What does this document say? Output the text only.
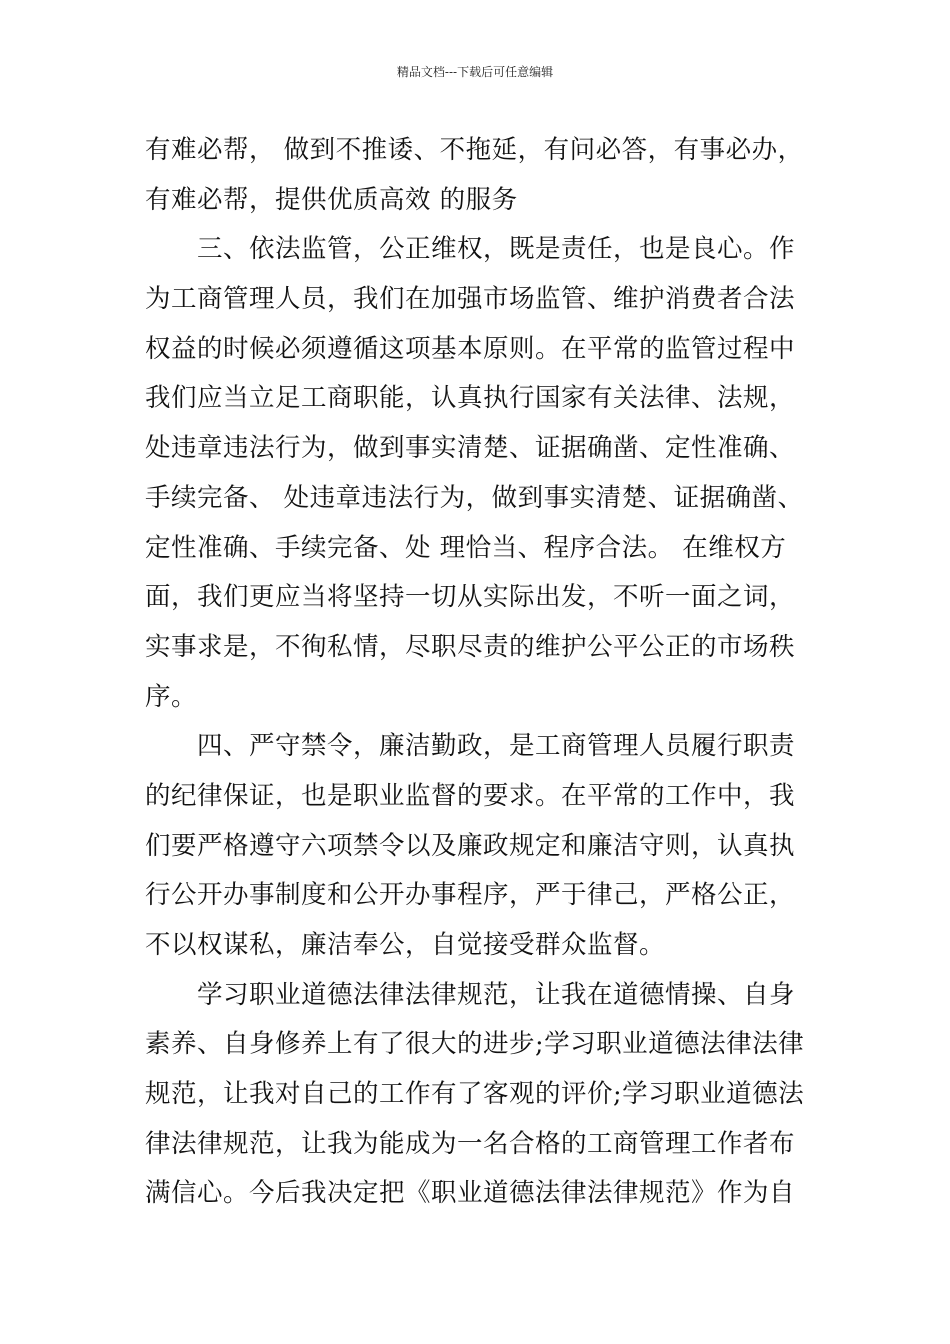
精品文档---下载后可任意编辑
有难必帮， 做到不推诿、不拖延，有问必答，有事必办，
有难必帮，提供优质高效 的服务
　　三、依法监管，公正维权，既是责任，也是良心。作
为工商管理人员，我们在加强市场监管、维护消费者合法
权益的时候必须遵循这项基本原则。在平常的监管过程中
我们应当立足工商职能，认真执行国家有关法律、法规，
处违章违法行为，做到事实清楚、证据确凿、定性准确、
手续完备、 处违章违法行为，做到事实清楚、证据确凿、
定性准确、手续完备、处 理恰当、程序合法。 在维权方
面，我们更应当将坚持一切从实际出发，不听一面之词，
实事求是，不徇私情，尽职尽责的维护公平公正的市场秩
序。
　　四、严守禁令，廉洁勤政，是工商管理人员履行职责
的纪律保证，也是职业监督的要求。在平常的工作中，我
们要严格遵守六项禁令以及廉政规定和廉洁守则，认真执
行公开办事制度和公开办事程序，严于律己，严格公正，
不以权谋私，廉洁奉公，自觉接受群众监督。
　　学习职业道德法律法律规范，让我在道德情操、自身
素养、自身修养上有了很大的进步;学习职业道德法律法律
规范，让我对自己的工作有了客观的评价;学习职业道德法
律法律规范，让我为能成为一名合格的工商管理工作者布
满信心。今后我决定把《职业道德法律法律规范》作为自
